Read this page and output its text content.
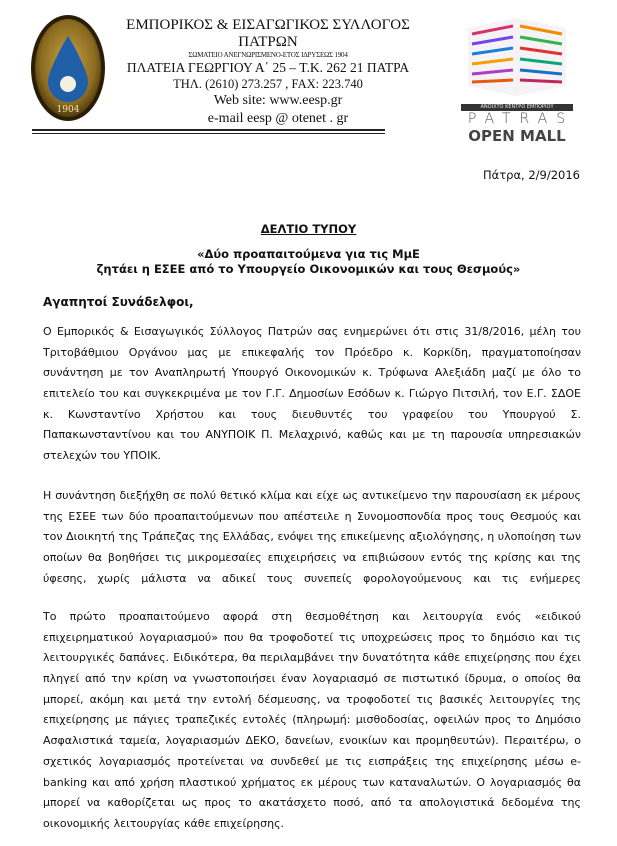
1904
ΕΜΠΟΡΙΚΟΣ & ΕΙΣΑΓΩΓΙΚΟΣ ΣΥΛΛΟΓΟΣ
ΠΑΤΡΩΝ
ΣΩΜΑΤΕΙΟ ΑΝΕΓΝΩΡΙΣΜΕΝΟ-ΕΤΟΣ ΙΔΡΥΣΕΩΣ 1904
ΠΛΑΤΕΙΑ ΓΕΩΡΓΙΟΥ Α΄ 25 – Τ.Κ. 262 21 ΠΑΤΡΑ
ΤΗΛ. (2610) 273.257 , FAX: 223.740
Web site: www.eesp.gr
e-mail eesp @ otenet . gr
ΑΝΟΙΧΤΟ ΚΕΝΤΡΟ ΕΜΠΟΡΙΟΥ
PATRAS
OPEN MALL
Πάτρα, 2/9/2016
ΔΕΛΤΙΟ ΤΥΠΟΥ
«Δύο προαπαιτούμενα για τις ΜμΕ
ζητάει η ΕΣΕΕ από το Υπουργείο Οικονομικών και τους Θεσμούς»
Αγαπητοί Συνάδελφοι,
Ο Εμπορικός & Εισαγωγικός Σύλλογος Πατρών σας ενημερώνει ότι στις 31/8/2016, μέλη του
Τριτοβάθμιου Οργάνου μας με επικεφαλής τον Πρόεδρο κ. Κορκίδη, πραγματοποίησαν
συνάντηση με τον Αναπληρωτή Υπουργό Οικονομικών κ. Τρύφωνα Αλεξιάδη μαζί με όλο το
επιτελείο του και συγκεκριμένα με τον Γ.Γ. Δημοσίων Εσόδων κ. Γιώργο Πιτσιλή, τον Ε.Γ. ΣΔΟΕ
κ. Κωνσταντίνο Χρήστου και τους διευθυντές του γραφείου του Υπουργού Σ.
Παπακωνσταντίνου και του ΑΝΥΠΟΙΚ Π. Μελαχρινό, καθώς και με τη παρουσία υπηρεσιακών
στελεχών του ΥΠΟΙΚ.
Η συνάντηση διεξήχθη σε πολύ θετικό κλίμα και είχε ως αντικείμενο την παρουσίαση εκ μέρους
της ΕΣΕΕ των δύο προαπαιτούμενων που απέστειλε η Συνομοσπονδία προς τους Θεσμούς και
τον Διοικητή της Τράπεζας της Ελλάδας, ενόψει της επικείμενης αξιολόγησης, η υλοποίηση των
οποίων θα βοηθήσει τις μικρομεσαίες επιχειρήσεις να επιβιώσουν εντός της κρίσης και της
ύφεσης, χωρίς μάλιστα να αδικεί τους συνεπείς φορολογούμενους και τις ενήμερες
Το πρώτο προαπαιτούμενο αφορά στη θεσμοθέτηση και λειτουργία ενός «ειδικού
επιχειρηματικού λογαριασμού» που θα τροφοδοτεί τις υποχρεώσεις προς το δημόσιο και τις
λειτουργικές δαπάνες. Ειδικότερα, θα περιλαμβάνει την δυνατότητα κάθε επιχείρησης που έχει
πληγεί από την κρίση να γνωστοποιήσει έναν λογαριασμό σε πιστωτικό ίδρυμα, ο οποίος θα
μπορεί, ακόμη και μετά την εντολή δέσμευσης, να τροφοδοτεί τις βασικές λειτουργίες της
επιχείρησης με πάγιες τραπεζικές εντολές (πληρωμή: μισθοδοσίας, οφειλών προς το Δημόσιο
Ασφαλιστικά ταμεία, λογαριασμών ΔΕΚΟ, δανείων, ενοικίων και προμηθευτών). Περαιτέρω, ο
σχετικός λογαριασμός προτείνεται να συνδεθεί με τις εισπράξεις της επιχείρησης μέσω e-
banking και από χρήση πλαστικού χρήματος εκ μέρους των καταναλωτών. Ο λογαριασμός θα
μπορεί να καθορίζεται ως προς το ακατάσχετο ποσό, από τα απολογιστικά δεδομένα της
οικονομικής λειτουργίας κάθε επιχείρησης.
